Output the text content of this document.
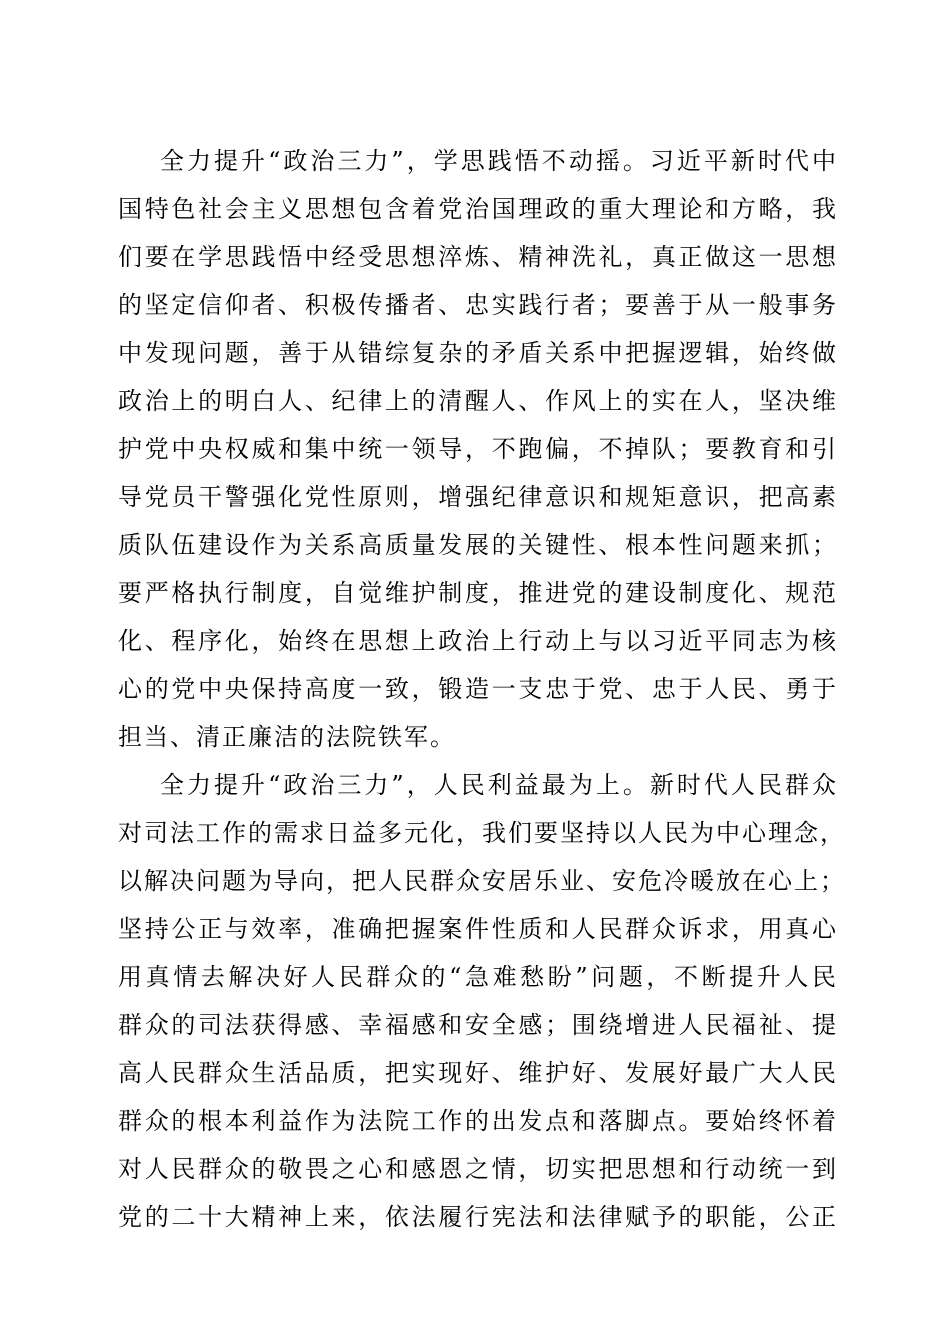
全力提升“政治三力”，学思践悟不动摇。习近平新时代中
国特色社会主义思想包含着党治国理政的重大理论和方略，我
们要在学思践悟中经受思想淬炼、精神洗礼，真正做这一思想
的坚定信仰者、积极传播者、忠实践行者；要善于从一般事务
中发现问题，善于从错综复杂的矛盾关系中把握逻辑，始终做
政治上的明白人、纪律上的清醒人、作风上的实在人，坚决维
护党中央权威和集中统一领导，不跑偏，不掉队；要教育和引
导党员干警强化党性原则，增强纪律意识和规矩意识，把高素
质队伍建设作为关系高质量发展的关键性、根本性问题来抓；
要严格执行制度，自觉维护制度，推进党的建设制度化、规范
化、程序化，始终在思想上政治上行动上与以习近平同志为核
心的党中央保持高度一致，锻造一支忠于党、忠于人民、勇于
担当、清正廉洁的法院铁军。
全力提升“政治三力”，人民利益最为上。新时代人民群众
对司法工作的需求日益多元化，我们要坚持以人民为中心理念，
以解决问题为导向，把人民群众安居乐业、安危冷暖放在心上；
坚持公正与效率，准确把握案件性质和人民群众诉求，用真心
用真情去解决好人民群众的“急难愁盼”问题，不断提升人民
群众的司法获得感、幸福感和安全感；围绕增进人民福祉、提
高人民群众生活品质，把实现好、维护好、发展好最广大人民
群众的根本利益作为法院工作的出发点和落脚点。要始终怀着
对人民群众的敬畏之心和感恩之情，切实把思想和行动统一到
党的二十大精神上来，依法履行宪法和法律赋予的职能，公正
